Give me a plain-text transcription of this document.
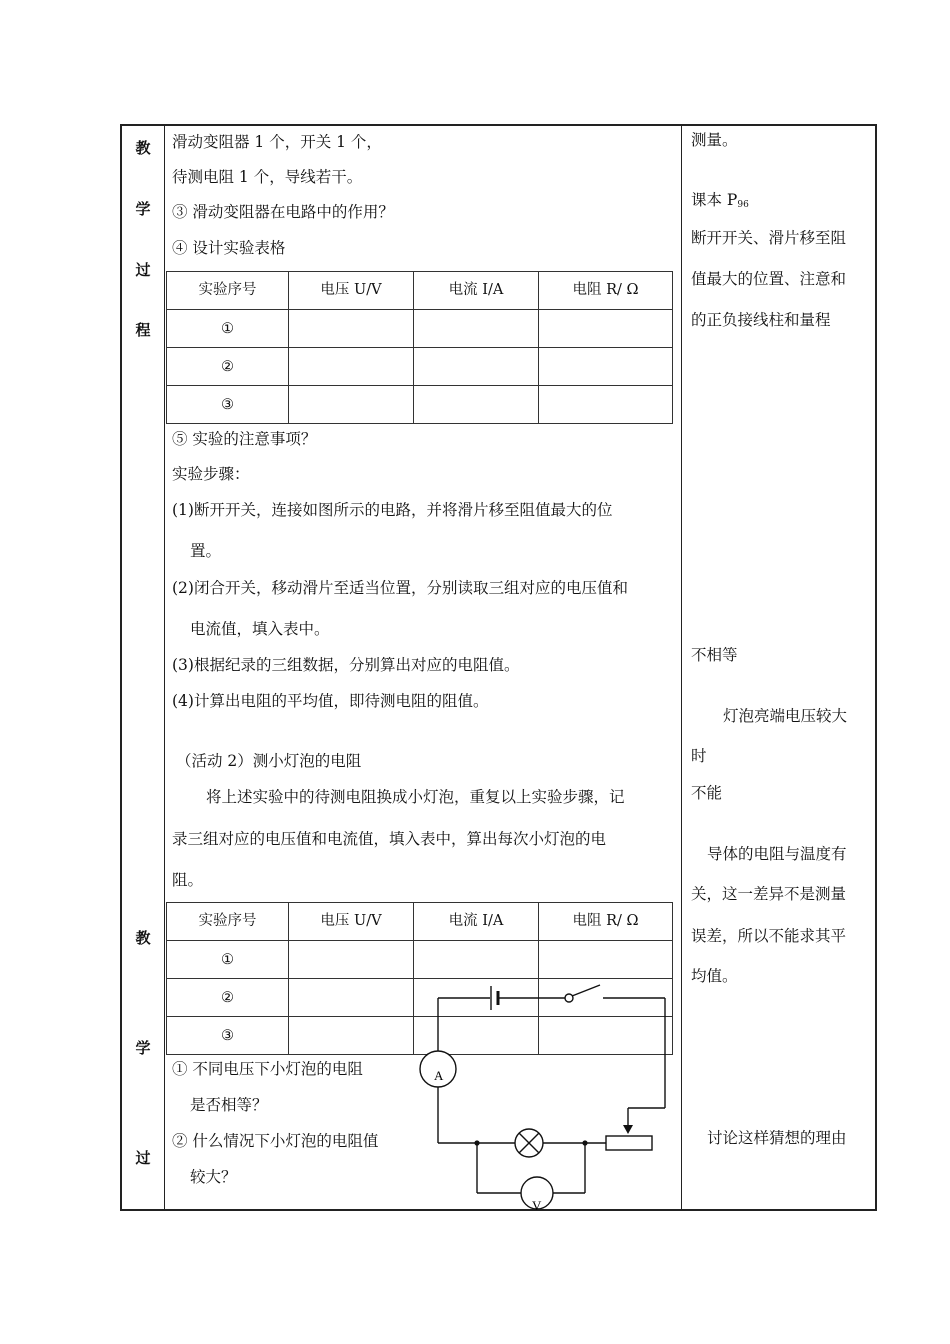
教
学
过
程
教
学
过
滑动变阻器 1 个，开关 1 个，
待测电阻 1 个，导线若干。
③ 滑动变阻器在电路中的作用？
④ 设计实验表格
实验序号	电压 U/V	电流 I/A	电阻 R/ Ω
①			
②			
③			
⑤ 实验的注意事项？
实验步骤：
(1)断开开关，连接如图所示的电路，并将滑片移至阻值最大的位
置。
(2)闭合开关，移动滑片至适当位置，分别读取三组对应的电压值和
电流值，填入表中。
(3)根据纪录的三组数据，分别算出对应的电阻值。
(4)计算出电阻的平均值，即待测电阻的阻值。
（活动 2）测小灯泡的电阻
将上述实验中的待测电阻换成小灯泡，重复以上实验步骤，记
录三组对应的电压值和电流值，填入表中，算出每次小灯泡的电
阻。
实验序号	电压 U/V	电流 I/A	电阻 R/ Ω
①			
②			
③			
① 不同电压下小灯泡的电阻
是否相等？
② 什么情况下小灯泡的电阻值
较大？
A
V
测量。
课本 $P_{96}$
断开开关、滑片移至阻
值最大的位置、注意和
的正负接线柱和量程
不相等
灯泡亮端电压较大
时
不能
导体的电阻与温度有
关，这一差异不是测量
误差，所以不能求其平
均值。
讨论这样猜想的理由
